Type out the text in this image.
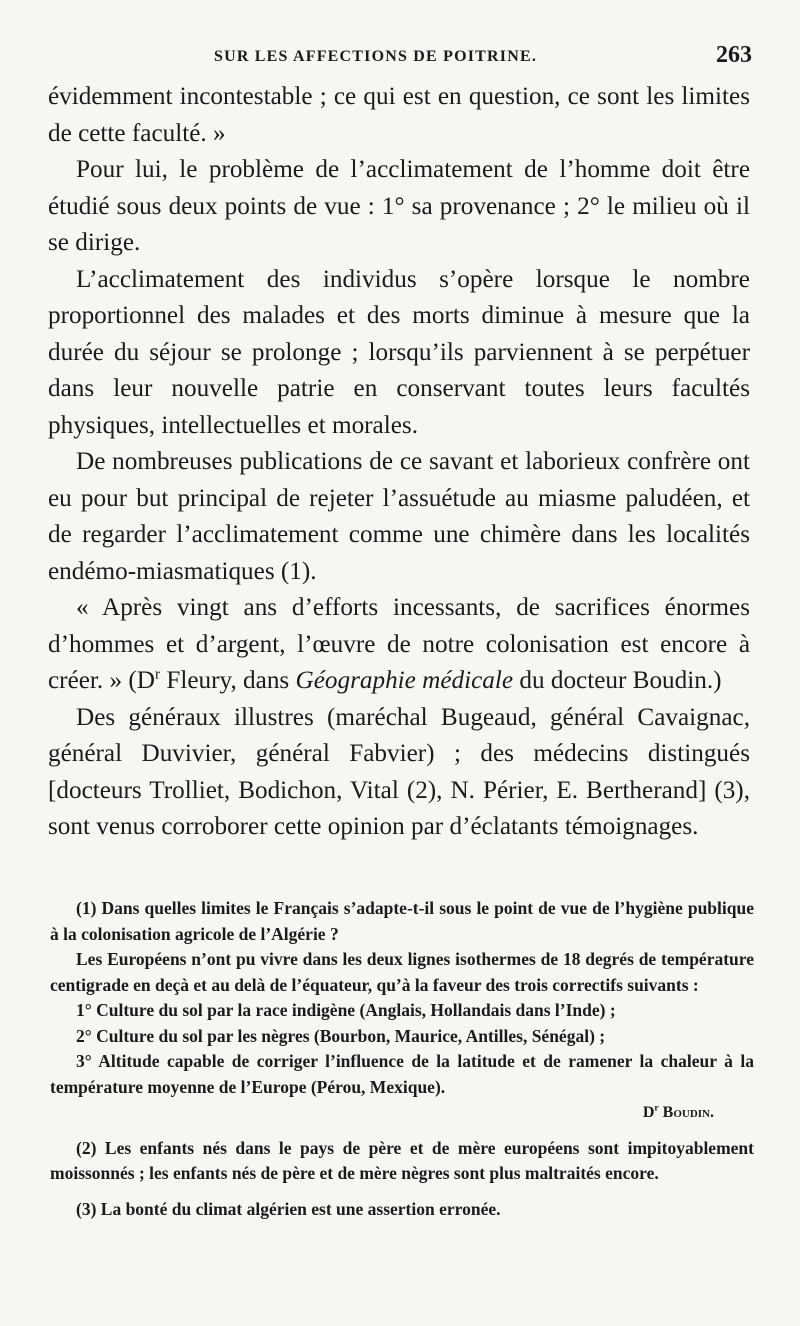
SUR LES AFFECTIONS DE POITRINE.	263

évidemment incontestable ; ce qui est en question, ce sont les limites de cette faculté. »

Pour lui, le problème de l’acclimatement de l’homme doit être étudié sous deux points de vue : 1° sa provenance ; 2° le milieu où il se dirige.

L’acclimatement des individus s’opère lorsque le nombre proportionnel des malades et des morts diminue à mesure que la durée du séjour se prolonge ; lorsqu’ils parviennent à se perpétuer dans leur nouvelle patrie en conservant toutes leurs facultés physiques, intellectuelles et morales.

De nombreuses publications de ce savant et laborieux confrère ont eu pour but principal de rejeter l’assuétude au miasme paludéen, et de regarder l’acclimatement comme une chimère dans les localités endémo-miasmatiques (1).

« Après vingt ans d’efforts incessants, de sacrifices énormes d’hommes et d’argent, l’œuvre de notre colonisation est encore à créer. » ($D^r$ Fleury, dans Géographie médicale du docteur Boudin.)

Des généraux illustres (maréchal Bugeaud, général Cavaignac, général Duvivier, général Fabvier) ; des médecins distingués [docteurs Trolliet, Bodichon, Vital (2), N. Périer, E. Bertherand] (3), sont venus corroborer cette opinion par d’éclatants témoignages.

(1) Dans quelles limites le Français s’adapte-t-il sous le point de vue de l’hygiène publique à la colonisation agricole de l’Algérie ?

Les Européens n’ont pu vivre dans les deux lignes isothermes de 18 degrés de température centigrade en deçà et au delà de l’équateur, qu’à la faveur des trois correctifs suivants :

1° Culture du sol par la race indigène (Anglais, Hollandais dans l’Inde) ;

2° Culture du sol par les nègres (Bourbon, Maurice, Antilles, Sénégal) ;

3° Altitude capable de corriger l’influence de la latitude et de ramener la chaleur à la température moyenne de l’Europe (Pérou, Mexique).

$D^r$ Boudin.

(2) Les enfants nés dans le pays de père et de mère européens sont impitoyablement moissonnés ; les enfants nés de père et de mère nègres sont plus maltraités encore.

(3) La bonté du climat algérien est une assertion erronée.
